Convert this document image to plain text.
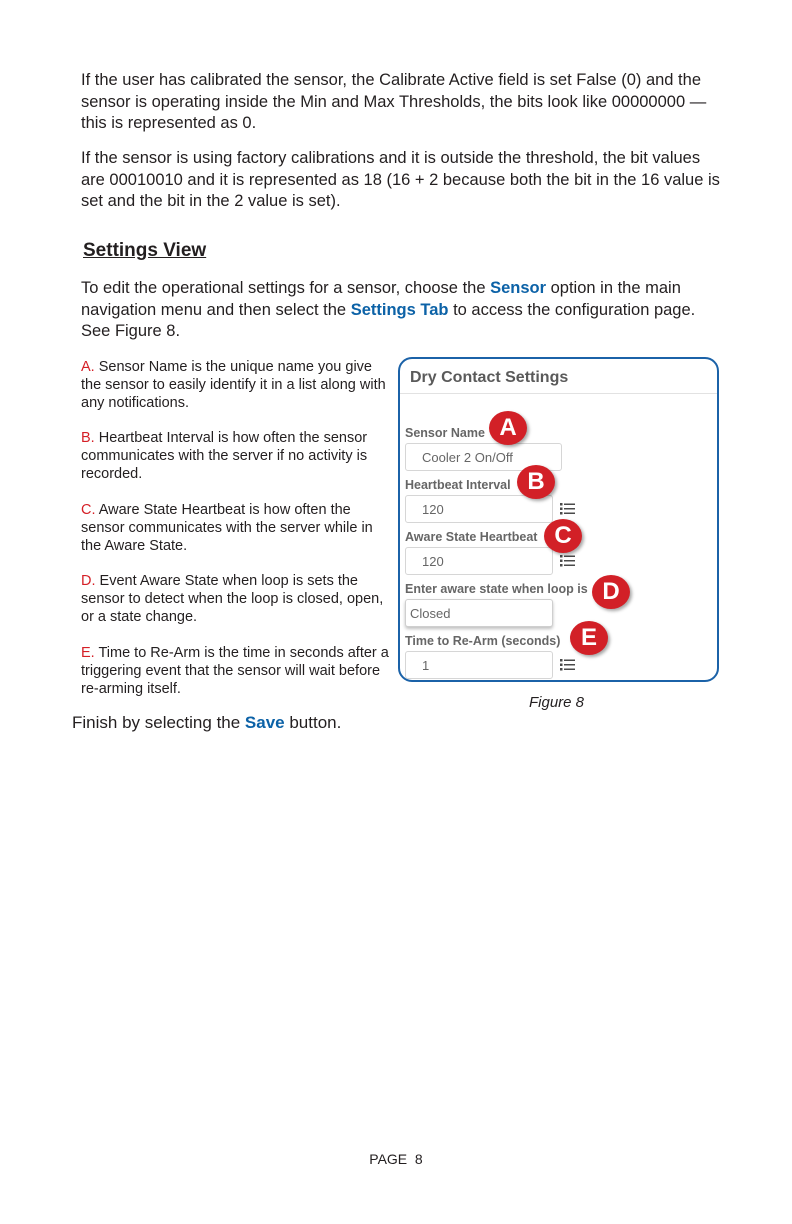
If the user has calibrated the sensor, the Calibrate Active field is set False (0) and the sensor is operating inside the Min and Max Thresholds, the bits look like 00000000 — this is represented as 0.

If the sensor is using factory calibrations and it is outside the threshold, the bit values are 00010010 and it is represented as 18 (16 + 2 because both the bit in the 16 value is set and the bit in the 2 value is set).

Settings View

To edit the operational settings for a sensor, choose the Sensor option in the main navigation menu and then select the Settings Tab to access the configuration page. See Figure 8.

A. Sensor Name is the unique name you give the sensor to easily identify it in a list along with any notifications.

B. Heartbeat Interval is how often the sensor communicates with the server if no activity is recorded.

C. Aware State Heartbeat is how often the sensor communicates with the server while in the Aware State.

D. Event Aware State when loop is sets the sensor to detect when the loop is closed, open, or a state change.

E. Time to Re-Arm is the time in seconds after a triggering event that the sensor will wait before re-arming itself.

Dry Contact Settings
Sensor Name
Cooler 2 On/Off
A
Heartbeat Interval
120
B
Aware State Heartbeat
120
C
Enter aware state when loop is
Closed
D
Time to Re-Arm (seconds)
1
E

Figure 8

Finish by selecting the Save button.

PAGE  8
